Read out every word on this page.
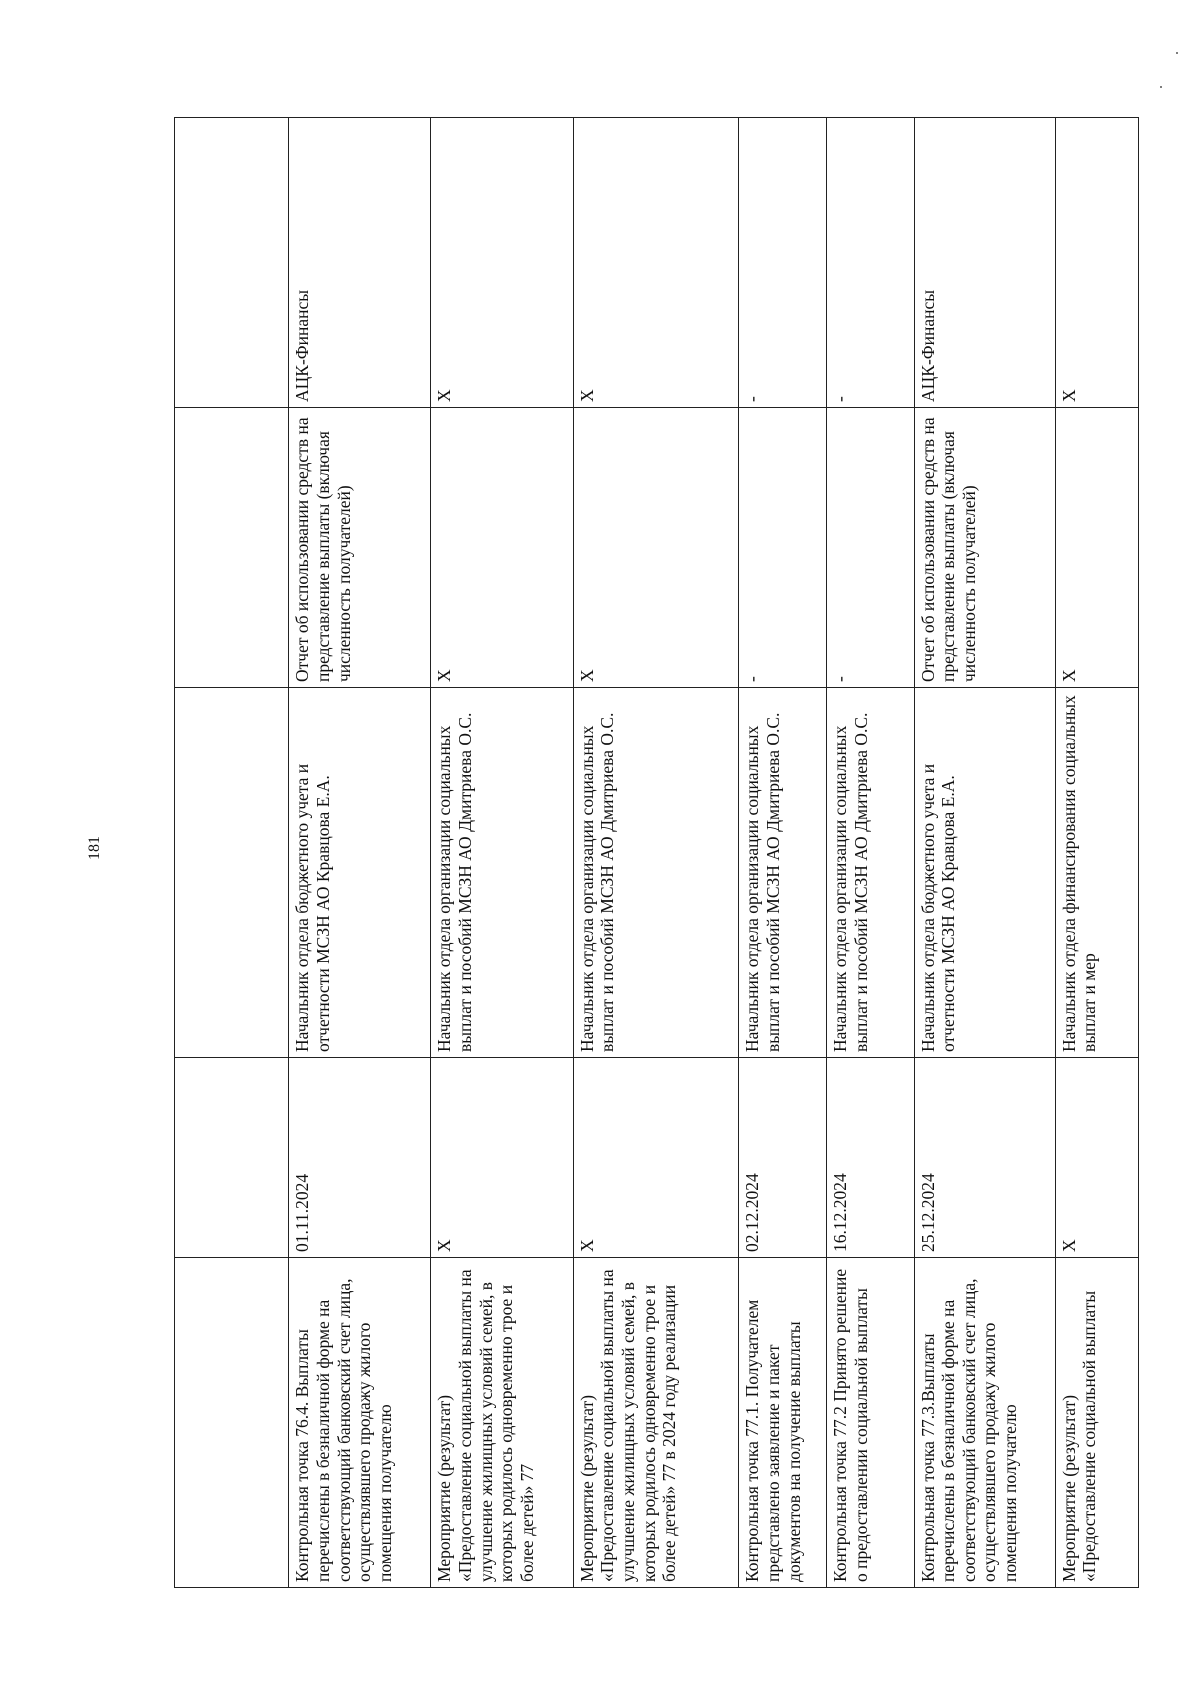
181

Контрольная точка 76.4. Выплаты перечислены в безналичной форме на соответствующий банковский счет лица, осуществлявшего продажу жилого помещения получателю	01.11.2024	Начальник отдела бюджетного учета и отчетности МСЗН АО Кравцова Е.А.	Отчет об использовании средств на представление выплаты (включая численность получателей)	АЦК-Финансы
Мероприятие (результат) «Предоставление социальной выплаты на улучшение жилищных условий семей, в которых родилось одновременно трое и более детей» 77	X	Начальник отдела организации социальных выплат и пособий МСЗН АО Дмитриева О.С.	X	X
Мероприятие (результат) «Предоставление социальной выплаты на улучшение жилищных условий семей, в которых родилось одновременно трое и более детей» 77 в 2024 году реализации	X	Начальник отдела организации социальных выплат и пособий МСЗН АО Дмитриева О.С.	X	X
Контрольная точка 77.1. Получателем представлено заявление и пакет документов на получение выплаты	02.12.2024	Начальник отдела организации социальных выплат и пособий МСЗН АО Дмитриева О.С.	-	-
Контрольная точка 77.2 Принято решение о предоставлении социальной выплаты	16.12.2024	Начальник отдела организации социальных выплат и пособий МСЗН АО Дмитриева О.С.	-	-
Контрольная точка 77.3.Выплаты перечислены в безналичной форме на соответствующий банковский счет лица, осуществлявшего продажу жилого помещения получателю	25.12.2024	Начальник отдела бюджетного учета и отчетности МСЗН АО Кравцова Е.А.	Отчет об использовании средств на представление выплаты (включая численность получателей)	АЦК-Финансы
Мероприятие (результат) «Предоставление социальной выплаты	X	Начальник отдела финансирования социальных выплат и мер	X	X
